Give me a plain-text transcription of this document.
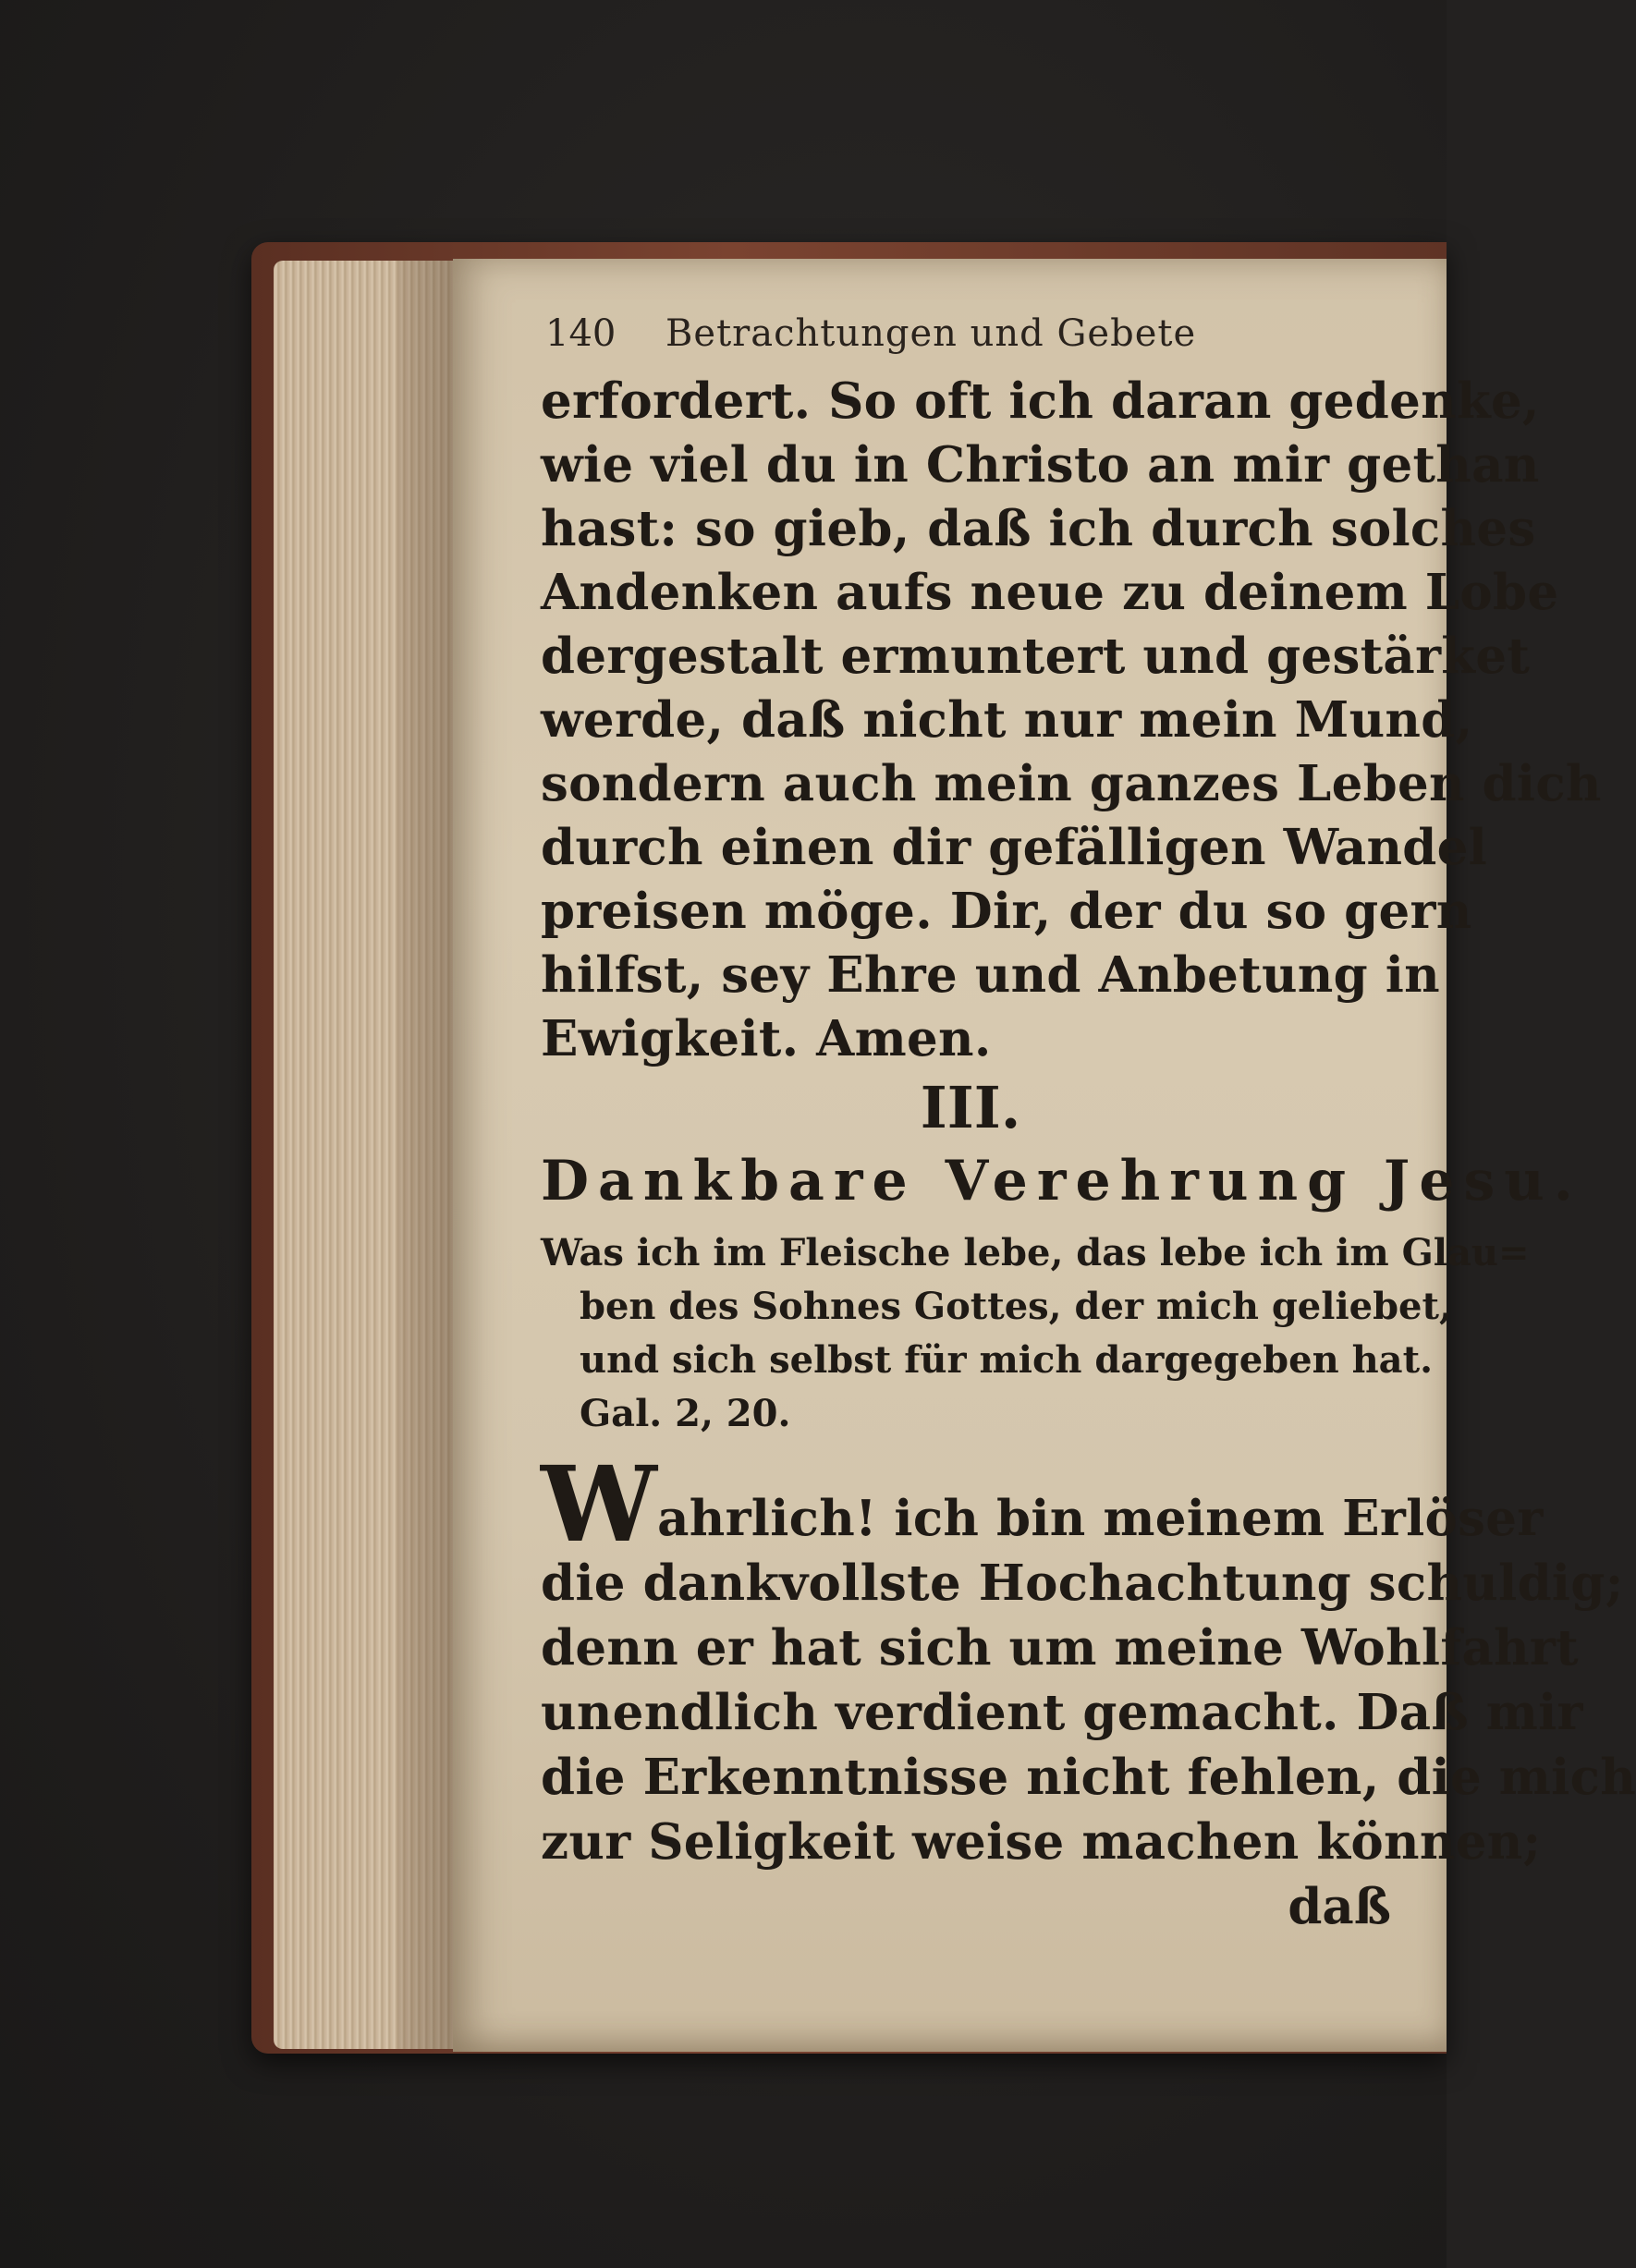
140	Betrachtungen und Gebete
erfordert. So oft ich daran gedenke,
wie viel du in Christo an mir gethan
hast: so gieb, daß ich durch solches
Andenken aufs neue zu deinem Lobe
dergestalt ermuntert und gestärket
werde, daß nicht nur mein Mund,
sondern auch mein ganzes Leben dich
durch einen dir gefälligen Wandel
preisen möge. Dir, der du so gern
hilfst, sey Ehre und Anbetung in
Ewigkeit. Amen.
III.
Dankbare Verehrung Jesu.
Was ich im Fleische lebe, das lebe ich im Glau=
ben des Sohnes Gottes, der mich geliebet,
und sich selbst für mich dargegeben hat.
Gal. 2, 20.
Wahrlich! ich bin meinem Erlöser
die dankvollste Hochachtung schuldig;
denn er hat sich um meine Wohlfahrt
unendlich verdient gemacht. Daß mir
die Erkenntnisse nicht fehlen, die mich
zur Seligkeit weise machen können;
daß
